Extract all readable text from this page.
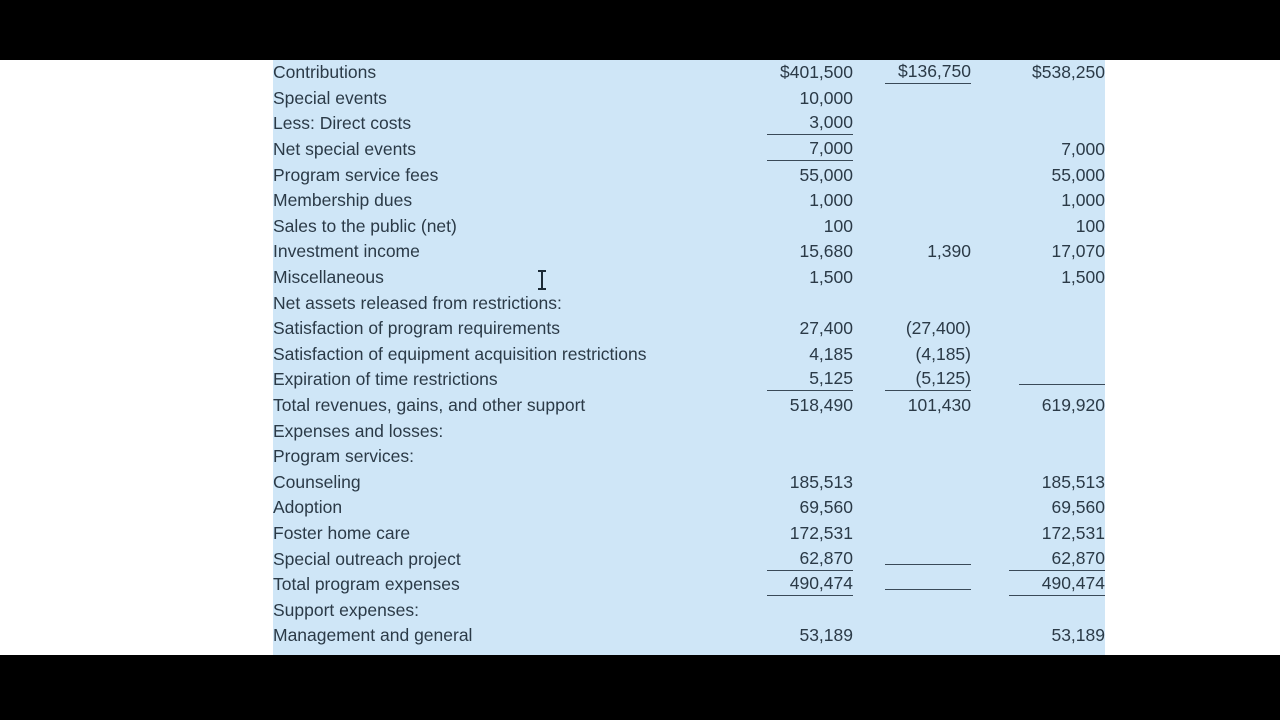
Contributions	$401,500	$136,750	$538,250
Special events	10,000		
Less: Direct costs	3,000		
Net special events	7,000		7,000
Program service fees	55,000		55,000
Membership dues	1,000		1,000
Sales to the public (net)	100		100
Investment income	15,680	1,390	17,070
Miscellaneous	1,500		1,500
Net assets released from restrictions:			
Satisfaction of program requirements	27,400	(27,400)	
Satisfaction of equipment acquisition restrictions	4,185	(4,185)	
Expiration of time restrictions	5,125	(5,125)	
Total revenues, gains, and other support	518,490	101,430	619,920
Expenses and losses:			
Program services:			
Counseling	185,513		185,513
Adoption	69,560		69,560
Foster home care	172,531		172,531
Special outreach project	62,870		62,870
Total program expenses	490,474		490,474
Support expenses:			
Management and general	53,189		53,189
